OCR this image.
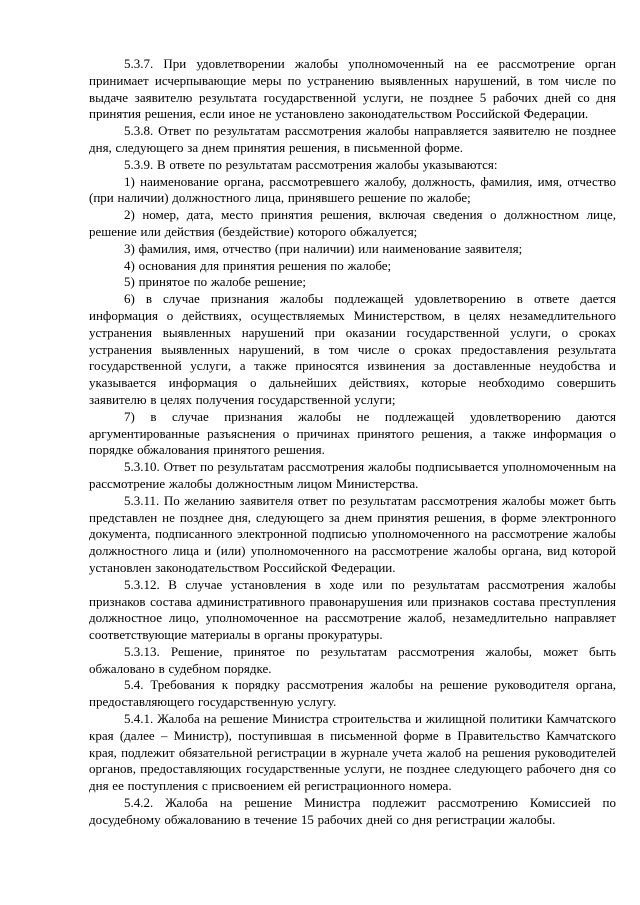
5.3.7. При удовлетворении жалобы уполномоченный на ее рассмотрение орган принимает исчерпывающие меры по устранению выявленных нарушений, в том числе по выдаче заявителю результата государственной услуги, не позднее 5 рабочих дней со дня принятия решения, если иное не установлено законодательством Российской Федерации.

5.3.8. Ответ по результатам рассмотрения жалобы направляется заявителю не позднее дня, следующего за днем принятия решения, в письменной форме.

5.3.9. В ответе по результатам рассмотрения жалобы указываются:

1) наименование органа, рассмотревшего жалобу, должность, фамилия, имя, отчество (при наличии) должностного лица, принявшего решение по жалобе;

2) номер, дата, место принятия решения, включая сведения о должностном лице, решение или действия (бездействие) которого обжалуется;

3) фамилия, имя, отчество (при наличии) или наименование заявителя;

4) основания для принятия решения по жалобе;

5) принятое по жалобе решение;

6) в случае признания жалобы подлежащей удовлетворению в ответе дается информация о действиях, осуществляемых Министерством, в целях незамедлительного устранения выявленных нарушений при оказании государственной услуги, о сроках устранения выявленных нарушений, в том числе о сроках предоставления результата государственной услуги, а также приносятся извинения за доставленные неудобства и указывается информация о дальнейших действиях, которые необходимо совершить заявителю в целях получения государственной услуги;

7) в случае признания жалобы не подлежащей удовлетворению даются аргументированные разъяснения о причинах принятого решения, а также информация о порядке обжалования принятого решения.

5.3.10. Ответ по результатам рассмотрения жалобы подписывается уполномоченным на рассмотрение жалобы должностным лицом Министерства.

5.3.11. По желанию заявителя ответ по результатам рассмотрения жалобы может быть представлен не позднее дня, следующего за днем принятия решения, в форме электронного документа, подписанного электронной подписью уполномоченного на рассмотрение жалобы должностного лица и (или) уполномоченного на рассмотрение жалобы органа, вид которой установлен законодательством Российской Федерации.

5.3.12. В случае установления в ходе или по результатам рассмотрения жалобы признаков состава административного правонарушения или признаков состава преступления должностное лицо, уполномоченное на рассмотрение жалоб, незамедлительно направляет соответствующие материалы в органы прокуратуры.

5.3.13. Решение, принятое по результатам рассмотрения жалобы, может быть обжаловано в судебном порядке.

5.4. Требования к порядку рассмотрения жалобы на решение руководителя органа, предоставляющего государственную услугу.

5.4.1. Жалоба на решение Министра строительства и жилищной политики Камчатского края (далее – Министр), поступившая в письменной форме в Правительство Камчатского края, подлежит обязательной регистрации в журнале учета жалоб на решения руководителей органов, предоставляющих государственные услуги, не позднее следующего рабочего дня со дня ее поступления с присвоением ей регистрационного номера.

5.4.2. Жалоба на решение Министра подлежит рассмотрению Комиссией по досудебному обжалованию в течение 15 рабочих дней со дня регистрации жалобы.
